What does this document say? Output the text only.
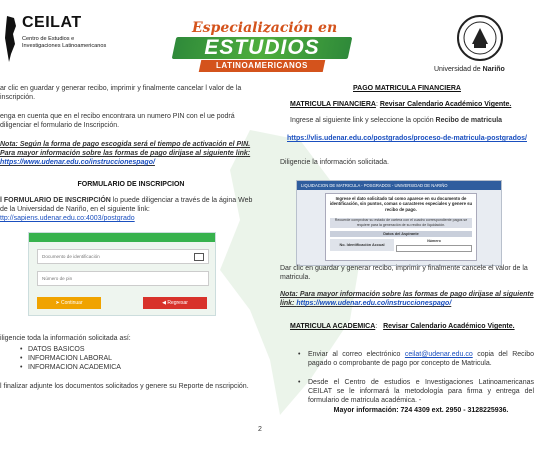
CEILAT
Centro de Estudios e Investigaciones Latinoamericanos
Especialización en
ESTUDIOS
LATINOAMERICANOS	Universidad de Nariño
ar clic en guardar y generar recibo, imprimir y finalmente cancelar l valor de la inscripción.
enga en cuenta que en el recibo encontrara un numero PIN con el ue podrá diligenciar el formulario de Inscripción.
Nota: Según la forma de pago escogida será el tiempo de activación el PIN. Para mayor información sobre las formas de pago dirijase al siguiente link: https://www.udenar.edu.co/instruccionespago/
FORMULARIO DE INSCRIPCION
l FORMULARIO DE INSCRIPCIÓN lo puede diligenciar a través de la ágina Web de la Universidad de Nariño, en el siguiente link: ttp://sapiens.udenar.edu.co:4003/postgrado
Documento de identificación
Número de pin
➤ Continuar	◀ Regresar
iligencie toda la información solicitada así:
• DATOS BASICOS
• INFORMACION LABORAL
• INFORMACION ACADEMICA
l finalizar adjunte los documentos solicitados y genere su Reporte de nscripción.
PAGO MATRICULA FINANCIERA
MATRICULA FINANCIERA: Revisar Calendario Académico Vigente.
Ingrese al siguiente link y seleccione la opción Recibo de matricula
https://vlis.udenar.edu.co/postgrados/proceso-de-matricula-postgrados/
Diligencie la información solicitada.
LIQUIDACION DE MATRICULA - POSGRADOS - UNIVERSIDAD DE NARIÑO
Ingrese el dato solicitado tal como aparece en su documento de identificación, sin puntos, comas o caracteres especiales y genere su recibo de pago.
Recuerde comprobar su estado de cartera con el cuadro correspondiente pagos se requiere para la generación de su recibo de liquidación.
Datos del Aspirante
No. Identificación Accual
Número
Dar clic en guardar y generar recibo, imprimir y finalmente cancele el valor de la matricula.
Nota: Para mayor información sobre las formas de pago dirijase al siguiente link: https://www.udenar.edu.co/instruccionespago/
MATRICULA ACADEMICA:   Revisar Calendario Académico Vigente.
• Enviar al correo electrónico ceilat@udenar.edu.co copia del Recibo pagado o comprobante de pago por concepto de Matricula.
• Desde el Centro de estudios e Investigaciones Latinoamericanas CEILAT se le informará la metodología para firma y entrega del formulario de matricula académica. -
Mayor información: 724 4309 ext. 2950 - 3128225936.
2
